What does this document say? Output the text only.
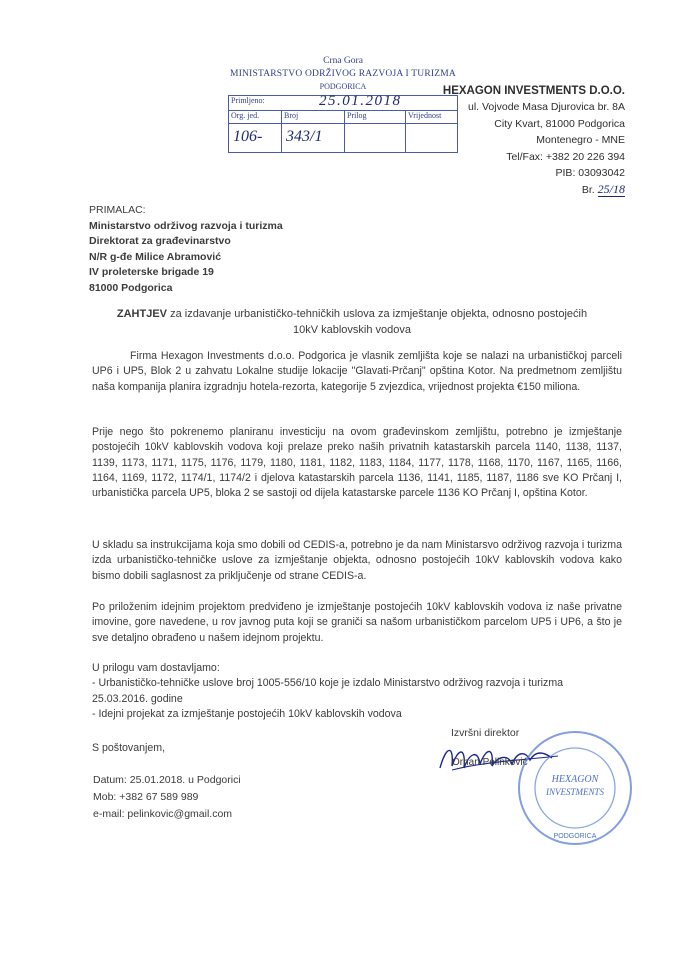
Crna Gora
MINISTARSTVO ODRŽIVOG RAZVOJA I TURIZMA
PODGORICA
Primljeno: 25.01.2018			

Org. jed.	Broj	Prilog	Vrijednost

106-	343/1		

HEXAGON INVESTMENTS D.O.O.
ul. Vojvode Masa Djurovica br. 8A
City Kvart, 81000 Podgorica
Montenegro - MNE
Tel/Fax: +382 20 226 394
PIB: 03093042
Br. 25/18
PRIMALAC:
Ministarstvo održivog razvoja i turizma
Direktorat za građevinarstvo
N/R g-đe Milice Abramović
IV proleterske brigade 19
81000 Podgorica
ZAHTJEV za izdavanje urbanističko-tehničkih uslova za izmještanje objekta, odnosno postojećih
10kV kablovskih vodova
Firma Hexagon Investments d.o.o. Podgorica je vlasnik zemljišta koje se nalazi na urbanističkoj parceli UP6 i UP5, Blok 2 u zahvatu Lokalne studije lokacije "Glavati-Prčanj" opština Kotor. Na predmetnom zemljištu naša kompanija planira izgradnju hotela-rezorta, kategorije 5 zvjezdica, vrijednost projekta €150 miliona.
Prije nego što pokrenemo planiranu investiciju na ovom građevinskom zemljištu, potrebno je izmještanje postojećih 10kV kablovskih vodova koji prelaze preko naših privatnih katastarskih parcela 1140, 1138, 1137, 1139, 1173, 1171, 1175, 1176, 1179, 1180, 1181, 1182, 1183, 1184, 1177, 1178, 1168, 1170, 1167, 1165, 1166, 1164, 1169, 1172, 1174/1, 1174/2 i djelova katastarskih parcela 1136, 1141, 1185, 1187, 1186 sve KO Prčanj I, urbanistička parcela UP5, bloka 2 se sastoji od dijela katastarske parcele 1136 KO Prčanj I, opština Kotor.
U skladu sa instrukcijama koja smo dobili od CEDIS-a, potrebno je da nam Ministarsvo održivog razvoja i turizma izda urbanističko-tehničke uslove za izmještanje objekta, odnosno postojećih 10kV kablovskih vodova kako bismo dobili saglasnost za priključenje od strane CEDIS-a.
Po priloženim idejnim projektom predviđeno je izmještanje postojećih 10kV kablovskih vodova iz naše privatne imovine, gore navedene, u rov javnog puta koji se graniči sa našom urbanističkom parcelom UP5 i UP6, a što je sve detaljno obrađeno u našem idejnom projektu.
U prilogu vam dostavljamo:
- Urbanističko-tehničke uslove broj 1005-556/10 koje je izdalo Ministarstvo održivog razvoja i turizma
25.03.2016. godine
- Idejni projekat za izmještanje postojećih 10kV kablovskih vodova
S poštovanjem,
Izvršni direktor
Orhan Pelinković
HEXAGON
INVESTMENTS
PODGORICA
Datum: 25.01.2018. u Podgorici
Mob: +382 67 589 989
e-mail: pelinkovic@gmail.com
